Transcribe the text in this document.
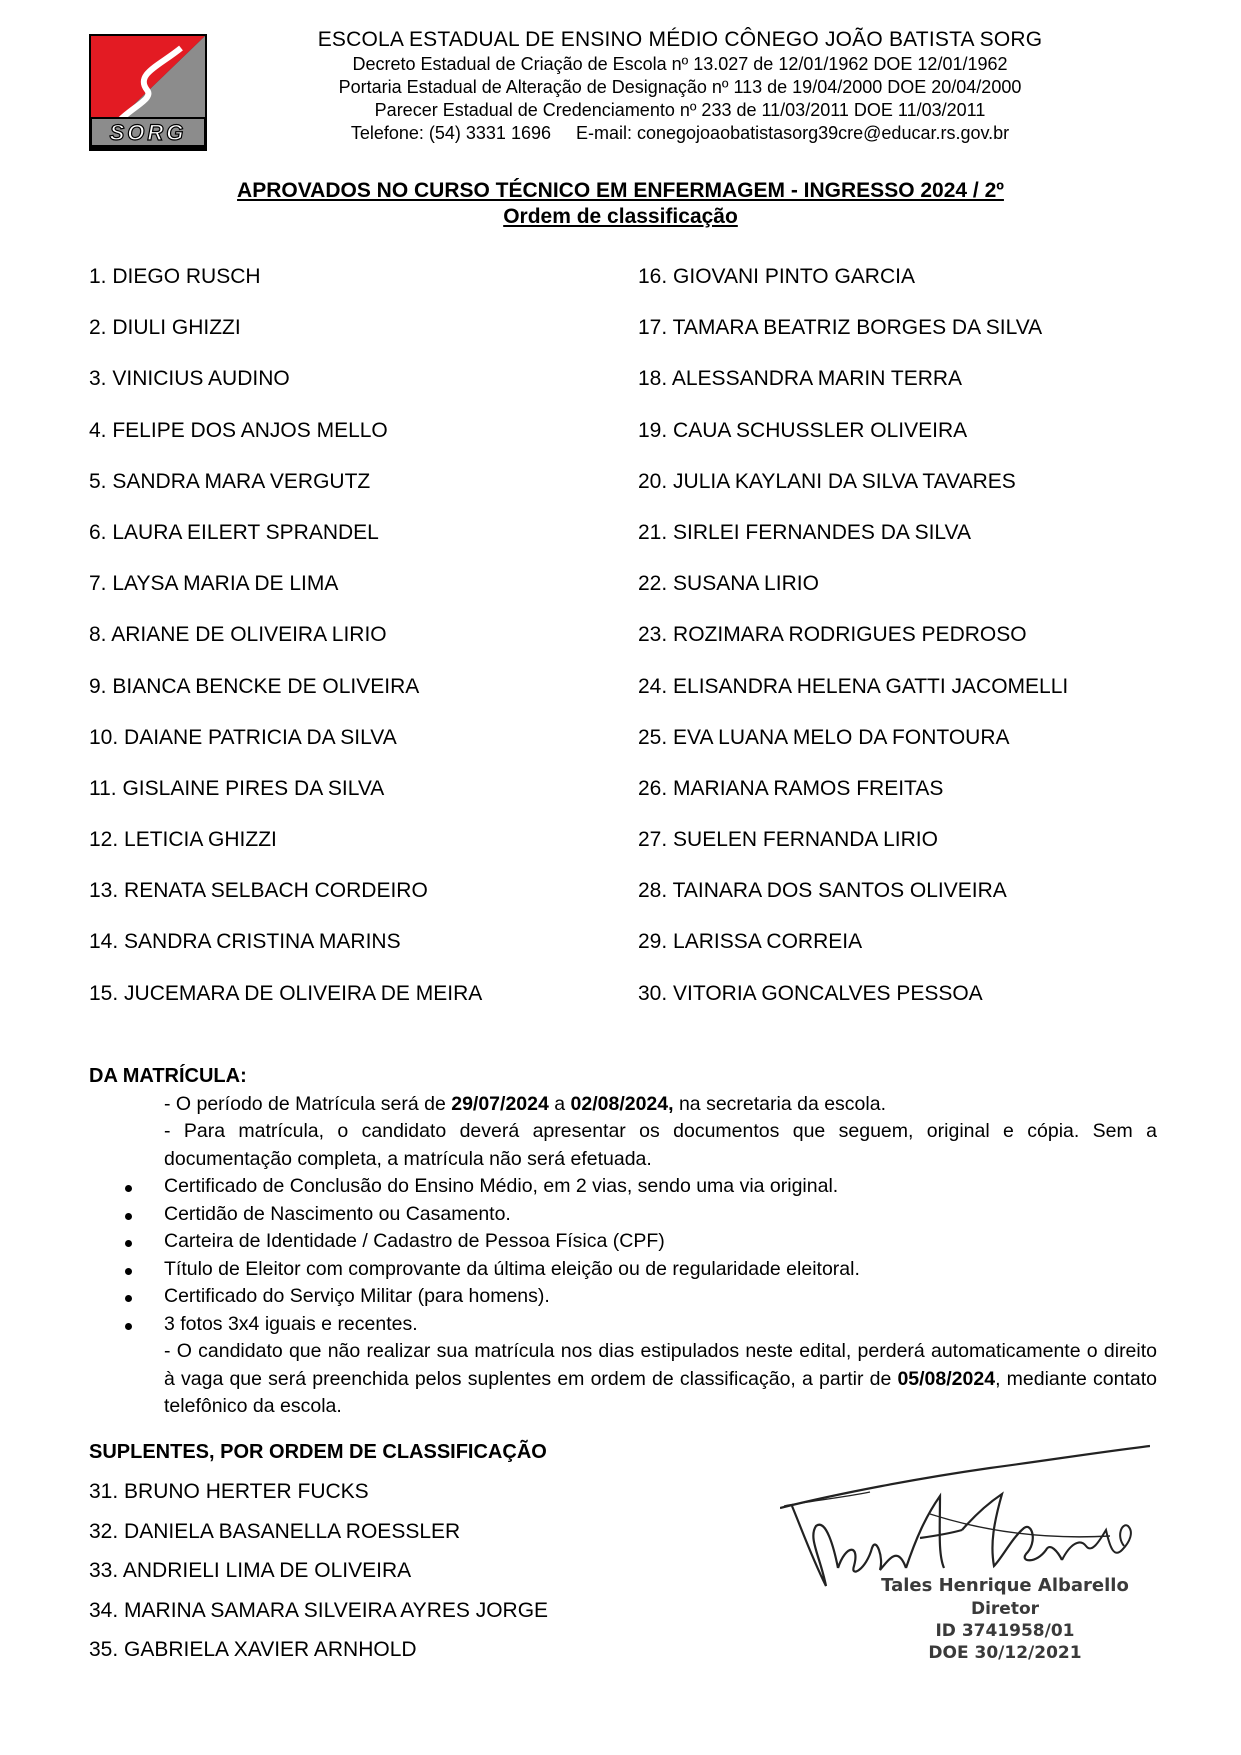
SORG
ESCOLA ESTADUAL DE ENSINO MÉDIO CÔNEGO JOÃO BATISTA SORG
Decreto Estadual de Criação de Escola nº 13.027 de 12/01/1962 DOE 12/01/1962
Portaria Estadual de Alteração de Designação nº 113 de 19/04/2000 DOE 20/04/2000
Parecer Estadual de Credenciamento nº 233 de 11/03/2011 DOE 11/03/2011
Telefone: (54) 3331 1696     E-mail: conegojoaobatistasorg39cre@educar.rs.gov.br
APROVADOS NO CURSO TÉCNICO EM ENFERMAGEM - INGRESSO 2024 / 2º
Ordem de classificação
1. DIEGO RUSCH
2. DIULI GHIZZI
3. VINICIUS AUDINO
4. FELIPE DOS ANJOS MELLO
5. SANDRA MARA VERGUTZ
6. LAURA EILERT SPRANDEL
7. LAYSA MARIA DE LIMA
8. ARIANE DE OLIVEIRA LIRIO
9. BIANCA BENCKE DE OLIVEIRA
10. DAIANE PATRICIA DA SILVA
11. GISLAINE PIRES DA SILVA
12. LETICIA GHIZZI
13. RENATA SELBACH CORDEIRO
14. SANDRA CRISTINA MARINS
15. JUCEMARA DE OLIVEIRA DE MEIRA
16. GIOVANI PINTO GARCIA
17. TAMARA BEATRIZ BORGES DA SILVA
18. ALESSANDRA MARIN TERRA
19. CAUA SCHUSSLER OLIVEIRA
20. JULIA KAYLANI DA SILVA TAVARES
21. SIRLEI FERNANDES DA SILVA
22. SUSANA LIRIO
23. ROZIMARA RODRIGUES PEDROSO
24. ELISANDRA HELENA GATTI JACOMELLI
25. EVA LUANA MELO DA FONTOURA
26. MARIANA RAMOS FREITAS
27. SUELEN FERNANDA LIRIO
28. TAINARA DOS SANTOS OLIVEIRA
29. LARISSA CORREIA
30. VITORIA GONCALVES PESSOA
DA MATRÍCULA:
- O período de Matrícula será de 29/07/2024 a 02/08/2024, na secretaria da escola.
- Para matrícula, o candidato deverá apresentar os documentos que seguem, original e cópia. Sem a documentação completa, a matrícula não será efetuada.
Certificado de Conclusão do Ensino Médio, em 2 vias, sendo uma via original.
Certidão de Nascimento ou Casamento.
Carteira de Identidade / Cadastro de Pessoa Física (CPF)
Título de Eleitor com comprovante da última eleição ou de regularidade eleitoral.
Certificado do Serviço Militar (para homens).
3 fotos 3x4 iguais e recentes.
- O candidato que não realizar sua matrícula nos dias estipulados neste edital, perderá automaticamente o direito à vaga que será preenchida pelos suplentes em ordem de classificação, a partir de 05/08/2024, mediante contato telefônico da escola.
SUPLENTES, POR ORDEM DE CLASSIFICAÇÃO
31. BRUNO HERTER FUCKS
32. DANIELA BASANELLA ROESSLER
33. ANDRIELI LIMA DE OLIVEIRA
34. MARINA SAMARA SILVEIRA AYRES JORGE
35. GABRIELA XAVIER ARNHOLD
Tales Henrique Albarello
Diretor
ID 3741958/01
DOE 30/12/2021
